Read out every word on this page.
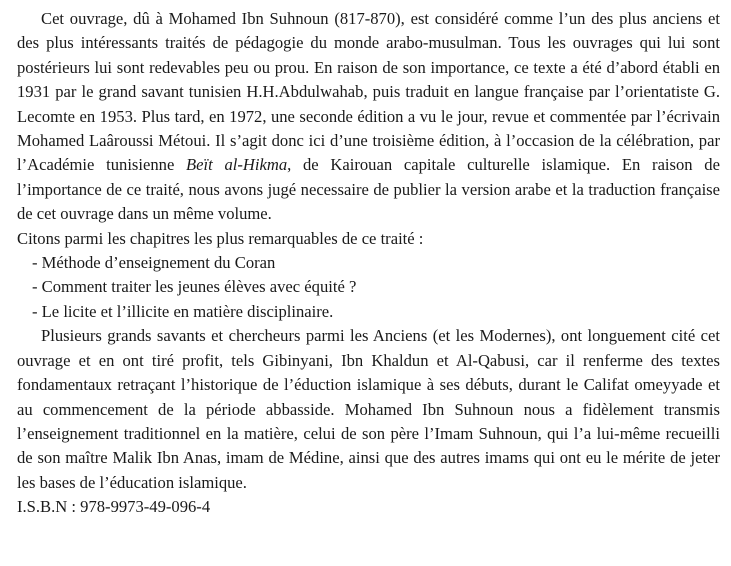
Cet ouvrage, dû à Mohamed Ibn Suhnoun (817-870), est considéré comme l’un des plus anciens et des plus intéressants traités de pédagogie du monde arabo-musulman. Tous les ouvrages qui lui sont postérieurs lui sont redevables peu ou prou. En raison de son importance, ce texte a été d’abord établi en 1931 par le grand savant tunisien H.H.Abdulwahab, puis traduit en langue française par l’orientatiste G. Lecomte en 1953. Plus tard, en 1972, une seconde édition a vu le jour, revue et commentée par l’écrivain Mohamed Laâroussi Métoui. Il s’agit donc ici d’une troisième édition, à l’occasion de la célébration, par l’Académie tunisienne Beït al-Hikma, de Kairouan capitale culturelle islamique. En raison de l’importance de ce traité, nous avons jugé necessaire de publier la version arabe et la traduction française de cet ouvrage dans un même volume.

Citons parmi les chapitres les plus remarquables de ce traité :

- Méthode d’enseignement du Coran

- Comment traiter les jeunes élèves avec équité ?

- Le licite et l’illicite en matière disciplinaire.

Plusieurs grands savants et chercheurs parmi les Anciens (et les Modernes), ont longuement cité cet ouvrage et en ont tiré profit, tels Gibinyani, Ibn Khaldun et Al-Qabusi, car il renferme des textes fondamentaux retraçant l’historique de l’éduction islamique à ses débuts, durant le Califat omeyyade et au commencement de la période abbasside. Mohamed Ibn Suhnoun nous a fidèlement transmis l’enseignement traditionnel en la matière, celui de son père l’Imam Suhnoun, qui l’a lui-même recueilli de son maître Malik Ibn Anas, imam de Médine, ainsi que des autres imams qui ont eu le mérite de jeter les bases de l’éducation islamique.

I.S.B.N : 978-9973-49-096-4
